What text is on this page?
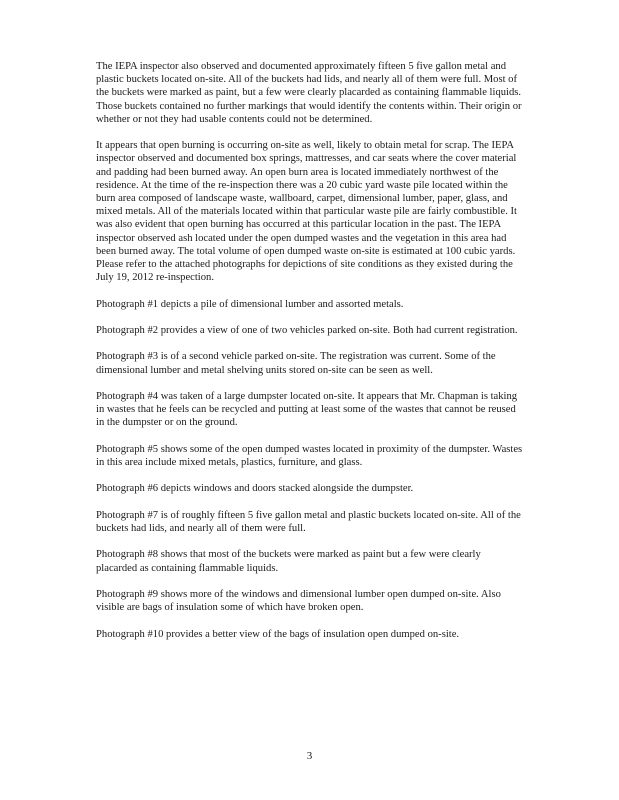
The IEPA inspector also observed and documented approximately fifteen 5 five gallon metal and plastic buckets located on-site. All of the buckets had lids, and nearly all of them were full. Most of the buckets were marked as paint, but a few were clearly placarded as containing flammable liquids. Those buckets contained no further markings that would identify the contents within. Their origin or whether or not they had usable contents could not be determined.

It appears that open burning is occurring on-site as well, likely to obtain metal for scrap. The IEPA inspector observed and documented box springs, mattresses, and car seats where the cover material and padding had been burned away. An open burn area is located immediately northwest of the residence. At the time of the re-inspection there was a 20 cubic yard waste pile located within the burn area composed of landscape waste, wallboard, carpet, dimensional lumber, paper, glass, and mixed metals. All of the materials located within that particular waste pile are fairly combustible. It was also evident that open burning has occurred at this particular location in the past. The IEPA inspector observed ash located under the open dumped wastes and the vegetation in this area had been burned away. The total volume of open dumped waste on-site is estimated at 100 cubic yards. Please refer to the attached photographs for depictions of site conditions as they existed during the July 19, 2012 re-inspection.

Photograph #1 depicts a pile of dimensional lumber and assorted metals.

Photograph #2 provides a view of one of two vehicles parked on-site. Both had current registration.

Photograph #3 is of a second vehicle parked on-site. The registration was current. Some of the dimensional lumber and metal shelving units stored on-site can be seen as well.

Photograph #4 was taken of a large dumpster located on-site. It appears that Mr. Chapman is taking in wastes that he feels can be recycled and putting at least some of the wastes that cannot be reused in the dumpster or on the ground.

Photograph #5 shows some of the open dumped wastes located in proximity of the dumpster. Wastes in this area include mixed metals, plastics, furniture, and glass.

Photograph #6 depicts windows and doors stacked alongside the dumpster.

Photograph #7 is of roughly fifteen 5 five gallon metal and plastic buckets located on-site. All of the buckets had lids, and nearly all of them were full.

Photograph #8 shows that most of the buckets were marked as paint but a few were clearly placarded as containing flammable liquids.

Photograph #9 shows more of the windows and dimensional lumber open dumped on-site. Also visible are bags of insulation some of which have broken open.

Photograph #10 provides a better view of the bags of insulation open dumped on-site.

3
